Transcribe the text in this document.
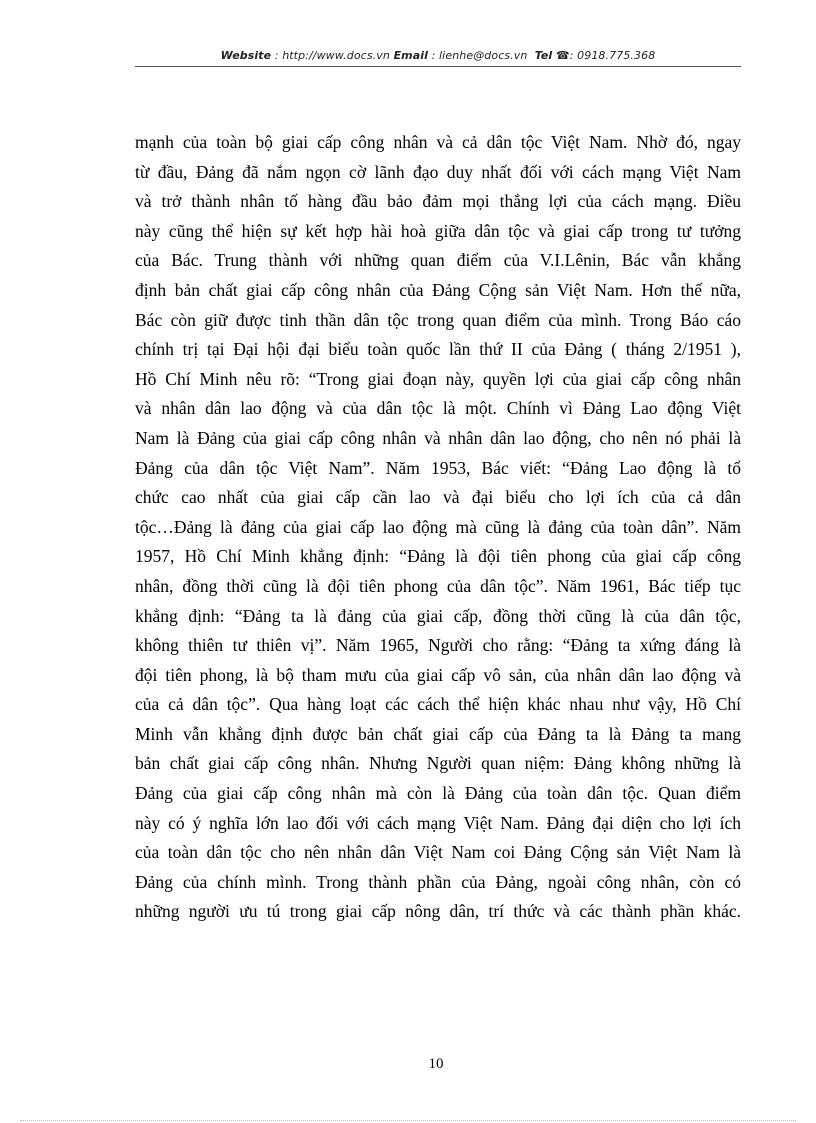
Website : http://www.docs.vn Email : lienhe@docs.vn Tel ☎: 0918.775.368
mạnh của toàn bộ giai cấp công nhân và cả dân tộc Việt Nam. Nhờ đó, ngay
từ đầu, Đảng đã nắm ngọn cờ lãnh đạo duy nhất đối với cách mạng Việt Nam
và trở thành nhân tố hàng đầu bảo đảm mọi thắng lợi của cách mạng. Điều
này cũng thể hiện sự kết hợp hài hoà giữa dân tộc và giai cấp trong tư tưởng
của Bác. Trung thành với những quan điểm của V.I.Lênin, Bác vẫn khẳng
định bản chất giai cấp công nhân của Đảng Cộng sản Việt Nam. Hơn thế nữa,
Bác còn giữ được tinh thần dân tộc trong quan điểm của mình. Trong Báo cáo
chính trị tại Đại hội đại biểu toàn quốc lần thứ II của Đảng ( tháng 2/1951 ),
Hồ Chí Minh nêu rõ: “Trong giai đoạn này, quyền lợi của giai cấp công nhân
và nhân dân lao động và của dân tộc là một. Chính vì Đảng Lao động Việt
Nam là Đảng của giai cấp công nhân và nhân dân lao động, cho nên nó phải là
Đảng của dân tộc Việt Nam”. Năm 1953, Bác viết: “Đảng Lao động là tổ
chức cao nhất của giai cấp cần lao và đại biểu cho lợi ích của cả dân
tộc…Đảng là đảng của giai cấp lao động mà cũng là đảng của toàn dân”. Năm
1957, Hồ Chí Minh khẳng định: “Đảng là đội tiên phong của giai cấp công
nhân, đồng thời cũng là đội tiên phong của dân tộc”. Năm 1961, Bác tiếp tục
khẳng định: “Đảng ta là đảng của giai cấp, đồng thời cũng là của dân tộc,
không thiên tư thiên vị”. Năm 1965, Người cho rằng: “Đảng ta xứng đáng là
đội tiên phong, là bộ tham mưu của giai cấp vô sản, của nhân dân lao động và
của cả dân tộc”. Qua hàng loạt các cách thể hiện khác nhau như vậy, Hồ Chí
Minh vẫn khẳng định được bản chất giai cấp của Đảng ta là Đảng ta mang
bản chất giai cấp công nhân. Nhưng Người quan niệm: Đảng không những là
Đảng của giai cấp công nhân mà còn là Đảng của toàn dân tộc. Quan điểm
này có ý nghĩa lớn lao đối với cách mạng Việt Nam. Đảng đại diện cho lợi ích
của toàn dân tộc cho nên nhân dân Việt Nam coi Đảng Cộng sản Việt Nam là
Đảng của chính mình. Trong thành phần của Đảng, ngoài công nhân, còn có
những người ưu tú trong giai cấp nông dân, trí thức và các thành phần khác.
10
